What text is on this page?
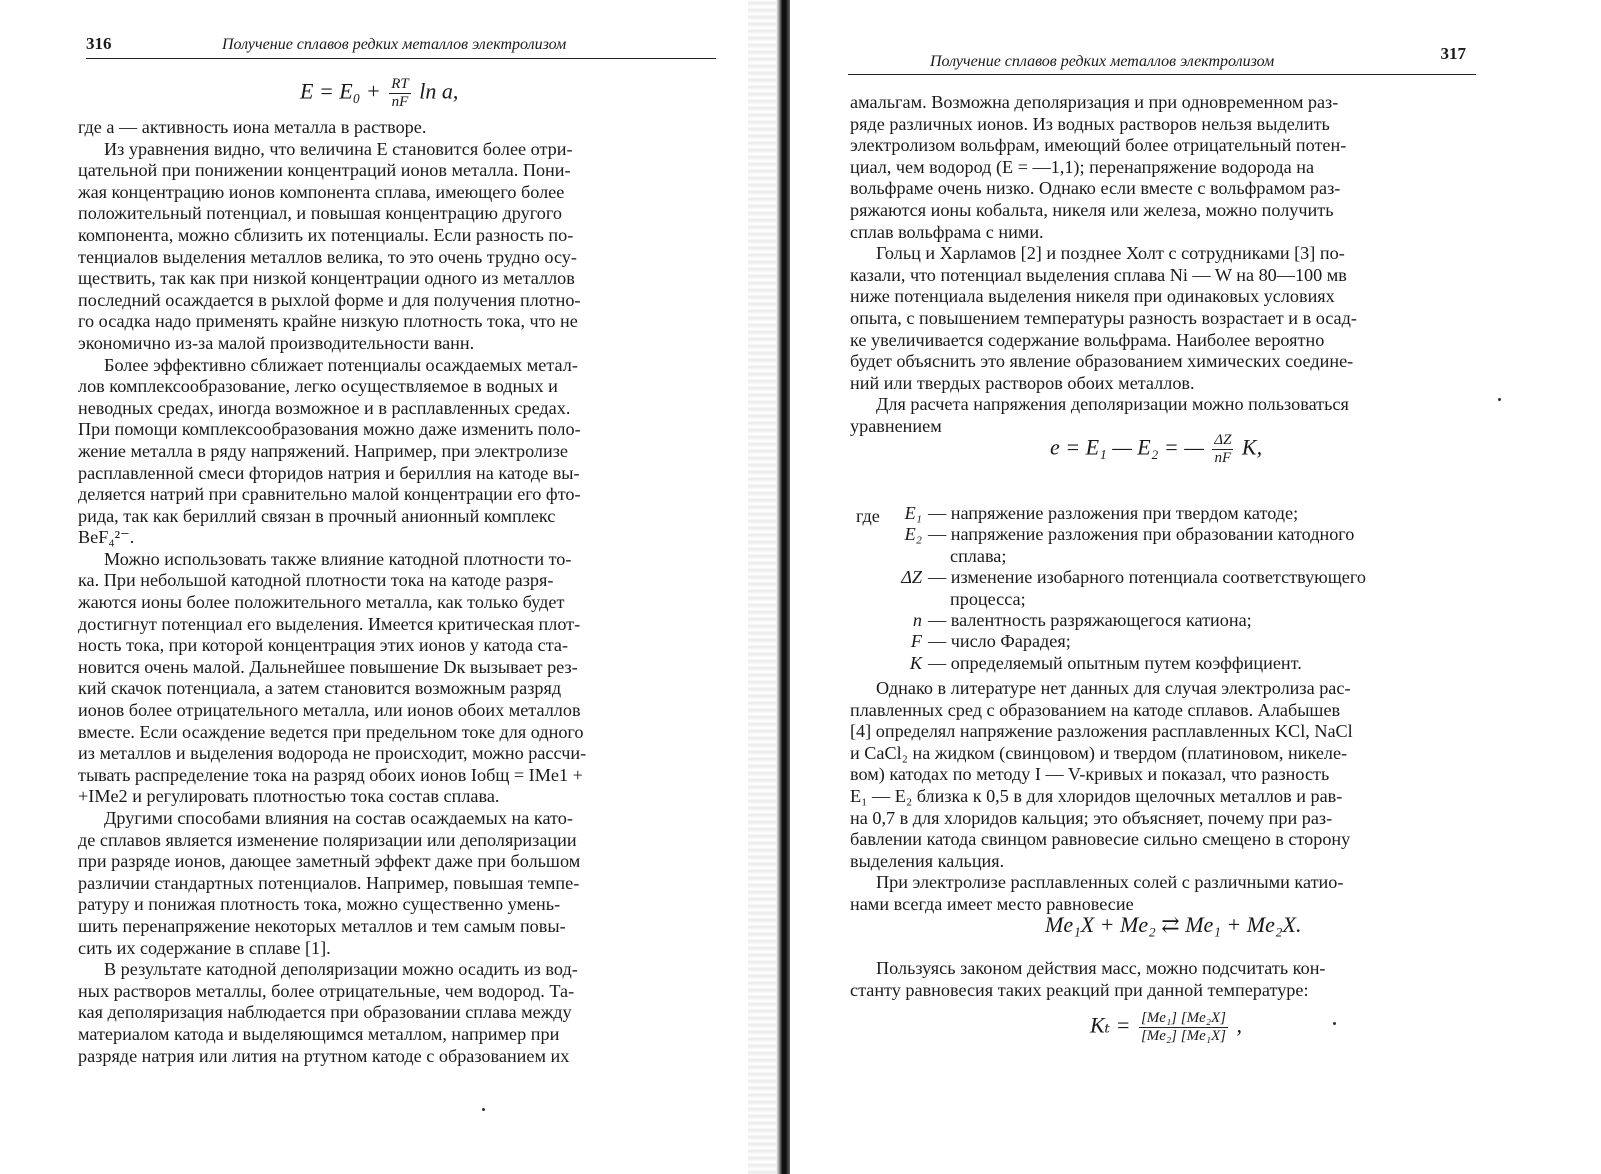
316	Получение сплавов редких металлов электролизом
$E = E_0 + \frac{RT}{nF}$ ln a,

где a — активность иона металла в растворе.

Из уравнения видно, что величина E становится более отри-

цательной при понижении концентраций ионов металла. Пони-

жая концентрацию ионов компонента сплава, имеющего более

положительный потенциал, и повышая концентрацию другого

компонента, можно сблизить их потенциалы. Если разность по-

тенциалов выделения металлов велика, то это очень трудно осу-

ществить, так как при низкой концентрации одного из металлов

последний осаждается в рыхлой форме и для получения плотно-

го осадка надо применять крайне низкую плотность тока, что не

экономично из-за малой производительности ванн.

Более эффективно сближает потенциалы осаждаемых метал-

лов комплексообразование, легко осуществляемое в водных и

неводных средах, иногда возможное и в расплавленных средах.

При помощи комплексообразования можно даже изменить поло-

жение металла в ряду напряжений. Например, при электролизе

расплавленной смеси фторидов натрия и бериллия на катоде вы-

деляется натрий при сравнительно малой концентрации его фто-

рида, так как бериллий связан в прочный анионный комплекс

BeF₄²⁻.

Можно использовать также влияние катодной плотности то-

ка. При небольшой катодной плотности тока на катоде разря-

жаются ионы более положительного металла, как только будет

достигнут потенциал его выделения. Имеется критическая плот-

ность тока, при которой концентрация этих ионов у катода ста-

новится очень малой. Дальнейшее повышение Dк вызывает рез-

кий скачок потенциала, а затем становится возможным разряд

ионов более отрицательного металла, или ионов обоих металлов

вместе. Если осаждение ведется при предельном токе для одного

из металлов и выделения водорода не происходит, можно рассчи-

тывать распределение тока на разряд обоих ионов Iобщ = IMe1 +

+IMe2 и регулировать плотностью тока состав сплава.

Другими способами влияния на состав осаждаемых на като-

де сплавов является изменение поляризации или деполяризации

при разряде ионов, дающее заметный эффект даже при большом

различии стандартных потенциалов. Например, повышая темпе-

ратуру и понижая плотность тока, можно существенно умень-

шить перенапряжение некоторых металлов и тем самым повы-

сить их содержание в сплаве [1].

В результате катодной деполяризации можно осадить из вод-

ных растворов металлы, более отрицательные, чем водород. Та-

кая деполяризация наблюдается при образовании сплава между

материалом катода и выделяющимся металлом, например при

разряде натрия или лития на ртутном катоде с образованием их

Получение сплавов редких металлов электролизом	317

амальгам. Возможна деполяризация и при одновременном раз-

ряде различных ионов. Из водных растворов нельзя выделить

электролизом вольфрам, имеющий более отрицательный потен-

циал, чем водород (E = —1,1); перенапряжение водорода на

вольфраме очень низко. Однако если вместе с вольфрамом раз-

ряжаются ионы кобальта, никеля или железа, можно получить

сплав вольфрама с ними.

Гольц и Харламов [2] и позднее Холт с сотрудниками [3] по-

казали, что потенциал выделения сплава Ni — W на 80—100 мв

ниже потенциала выделения никеля при одинаковых условиях

опыта, с повышением температуры разность возрастает и в осад-

ке увеличивается содержание вольфрама. Наиболее вероятно

будет объяснить это явление образованием химических соедине-

ний или твердых растворов обоих металлов.

Для расчета напряжения деполяризации можно пользоваться

уравнением

e = E₁ — E₂ = — $\frac{\Delta Z}{nF} K$,
где	E₁ — напряжение разложения при твердом катоде;
E₂ — напряжение разложения при образовании катодного
сплава;
ΔZ — изменение изобарного потенциала соответствующего
процесса;
n — валентность разряжающегося катиона;
F — число Фарадея;
K — определяемый опытным путем коэффициент.

Однако в литературе нет данных для случая электролиза рас-

плавленных сред с образованием на катоде сплавов. Алабышев

[4] определял напряжение разложения расплавленных KCl, NaCl

и CaCl₂ на жидком (свинцовом) и твердом (платиновом, никеле-

вом) катодах по методу I — V-кривых и показал, что разность

E₁ — E₂ близка к 0,5 в для хлоридов щелочных металлов и рав-

на 0,7 в для хлоридов кальция; это объясняет, почему при раз-

бавлении катода свинцом равновесие сильно смещено в сторону

выделения кальция.

При электролизе расплавленных солей с различными катио-

нами всегда имеет место равновесие

Me₁X + Me₂ ⇄ Me₁ + Me₂X.

Пользуясь законом действия масс, можно подсчитать кон-

станту равновесия таких реакций при данной температуре:

$K_t = \frac{\text{[Me₁] [Me₂X]}}{\text{[Me₂] [Me₁X]}}$ ,
